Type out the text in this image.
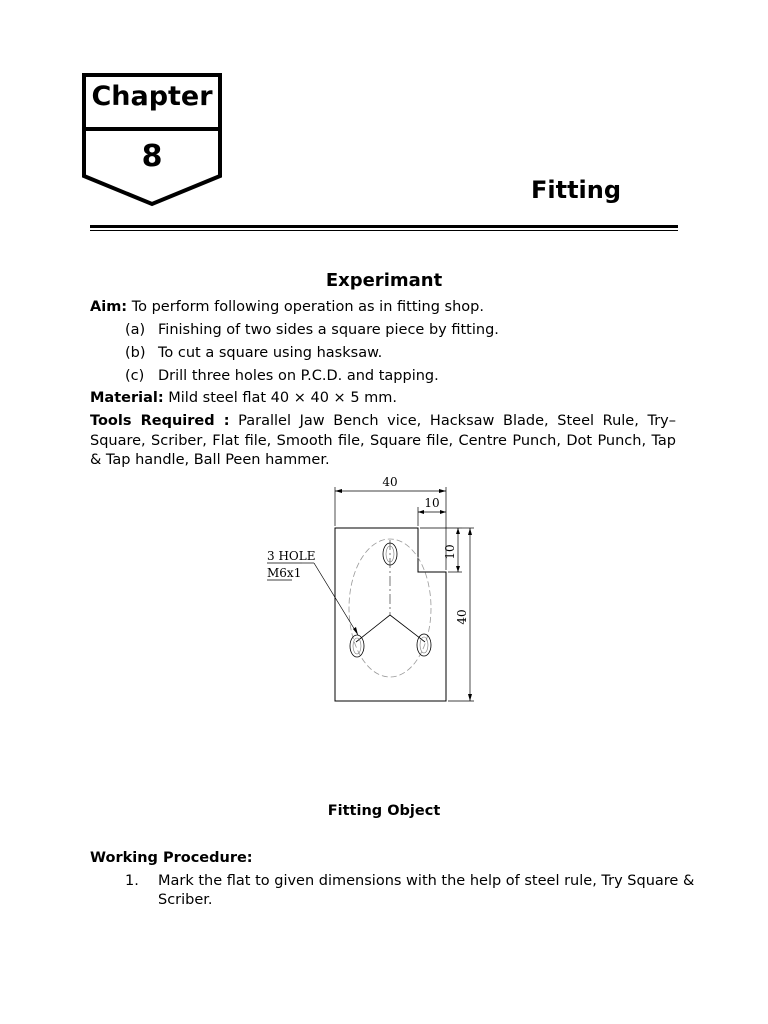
Chapter
8
Fitting
Experimant
Aim: To perform following operation as in fitting shop.
(a) Finishing of two sides a square piece by fitting.
(b) To cut a square using hasksaw.
(c) Drill three holes on P.C.D. and tapping.
Material: Mild steel flat 40 × 40 × 5 mm.
Tools Required : Parallel Jaw Bench vice, Hacksaw Blade, Steel Rule, Try–Square, Scriber, Flat file, Smooth file, Square file, Centre Punch, Dot Punch, Tap & Tap handle, Ball Peen hammer.
40
10
10
40
3 HOLE
M6x1
Fitting Object
Working Procedure:
1. Mark the flat to given dimensions with the help of steel rule, Try Square &
Scriber.
